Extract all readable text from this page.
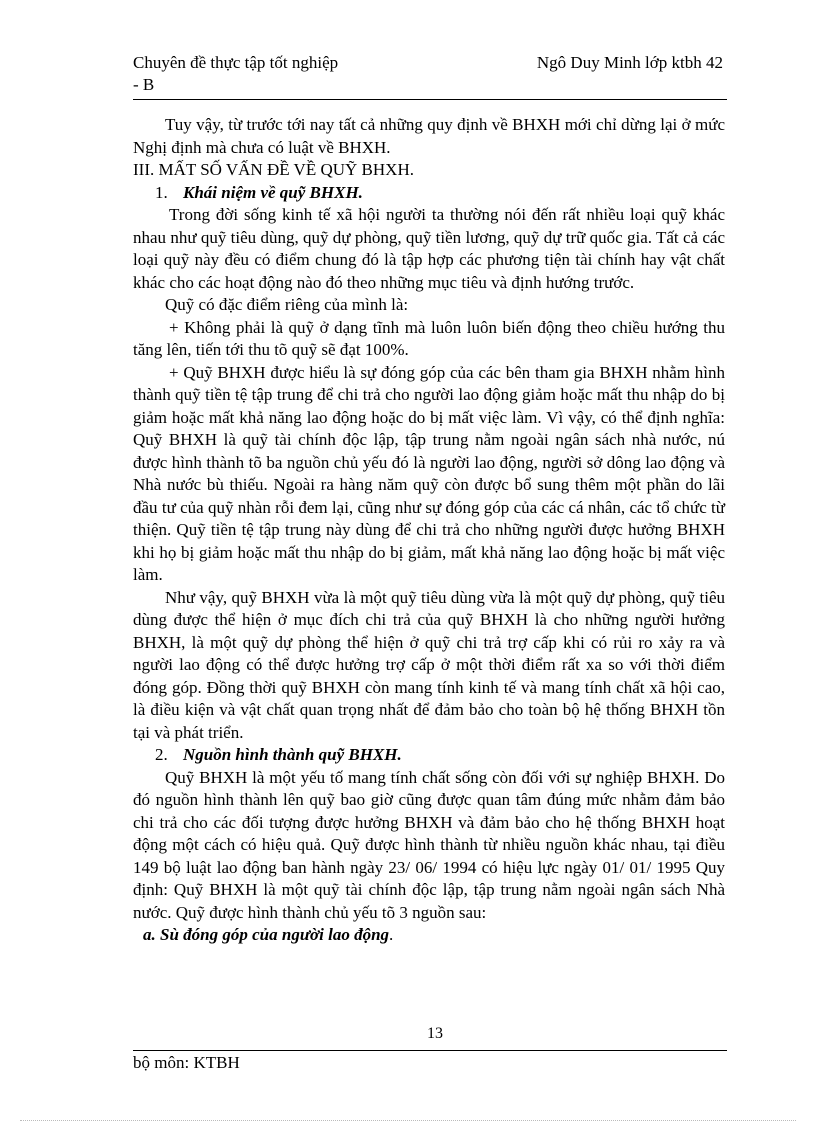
Chuyên đề thực tập tốt nghiệp	Ngô Duy Minh lớp ktbh 42
- B

Tuy vậy, từ trước tới nay tất cả những quy định về BHXH mới chỉ dừng lại ở mức Nghị định mà chưa có luật về BHXH.

III. MẤT SỐ VẤN ĐỀ VỀ QUỸ BHXH.

1. Khái niệm về quỹ BHXH.

Trong đời sống kinh tế xã hội người ta thường nói đến rất nhiều loại quỹ khác nhau như quỹ tiêu dùng, quỹ dự phòng, quỹ tiền lương, quỹ dự trữ quốc gia. Tất cả các loại quỹ này đều có điểm chung đó là tập hợp các phương tiện tài chính hay vật chất khác cho các hoạt động nào đó theo những mục tiêu và định hướng trước.

Quỹ có đặc điểm riêng của mình là:

+ Không phải là quỹ ở dạng tĩnh mà luôn luôn biến động theo chiều hướng thu tăng lên, tiến tới thu tõ quỹ sẽ đạt 100%.

+ Quỹ BHXH được hiểu là sự đóng góp của các bên tham gia BHXH nhằm hình thành quỹ tiền tệ tập trung để chi trả cho người lao động giảm hoặc mất thu nhập do bị giảm hoặc mất khả năng lao động hoặc do bị mất việc làm. Vì vậy, có thể định nghĩa: Quỹ BHXH là quỹ tài chính độc lập, tập trung nằm ngoài ngân sách nhà nước, nú được hình thành tõ ba nguồn chủ yếu đó là người lao động, người sở dông lao động và Nhà nước bù thiếu. Ngoài ra hàng năm quỹ còn được bổ sung thêm một phần do lãi đầu tư của quỹ nhàn rỗi đem lại, cũng như sự đóng góp của các cá nhân, các tổ chức từ thiện. Quỹ tiền tệ tập trung này dùng để chi trả cho những người được hưởng BHXH khi họ bị giảm hoặc mất thu nhập do bị giảm, mất khả năng lao động hoặc bị mất việc làm.

Như vậy, quỹ BHXH vừa là một quỹ tiêu dùng vừa là một quỹ dự phòng, quỹ tiêu dùng được thể hiện ở mục đích chi trả của quỹ BHXH là cho những người hưởng BHXH, là một quỹ dự phòng thể hiện ở quỹ chi trả trợ cấp khi có rủi ro xảy ra và người lao động có thể được hưởng trợ cấp ở một thời điểm rất xa so với thời điểm đóng góp. Đồng thời quỹ BHXH còn mang tính kinh tế và mang tính chất xã hội cao, là điều kiện và vật chất quan trọng nhất để đảm bảo cho toàn bộ hệ thống BHXH tồn tại và phát triển.

2. Nguồn hình thành quỹ BHXH.

Quỹ BHXH là một yếu tố mang tính chất sống còn đối với sự nghiệp BHXH. Do đó nguồn hình thành lên quỹ bao giờ cũng được quan tâm đúng mức nhằm đảm bảo chi trả cho các đối tượng được hưởng BHXH và đảm bảo cho hệ thống BHXH hoạt động một cách có hiệu quả. Quỹ được hình thành từ nhiều nguồn khác nhau, tại điều 149 bộ luật lao động ban hành ngày 23/ 06/ 1994 có hiệu lực ngày 01/ 01/ 1995 Quy định: Quỹ BHXH là một quỹ tài chính độc lập, tập trung nằm ngoài ngân sách Nhà nước. Quỹ được hình thành chủ yếu tõ 3 nguồn sau:

a. Sù đóng góp của người lao động.

13
bộ môn: KTBH
